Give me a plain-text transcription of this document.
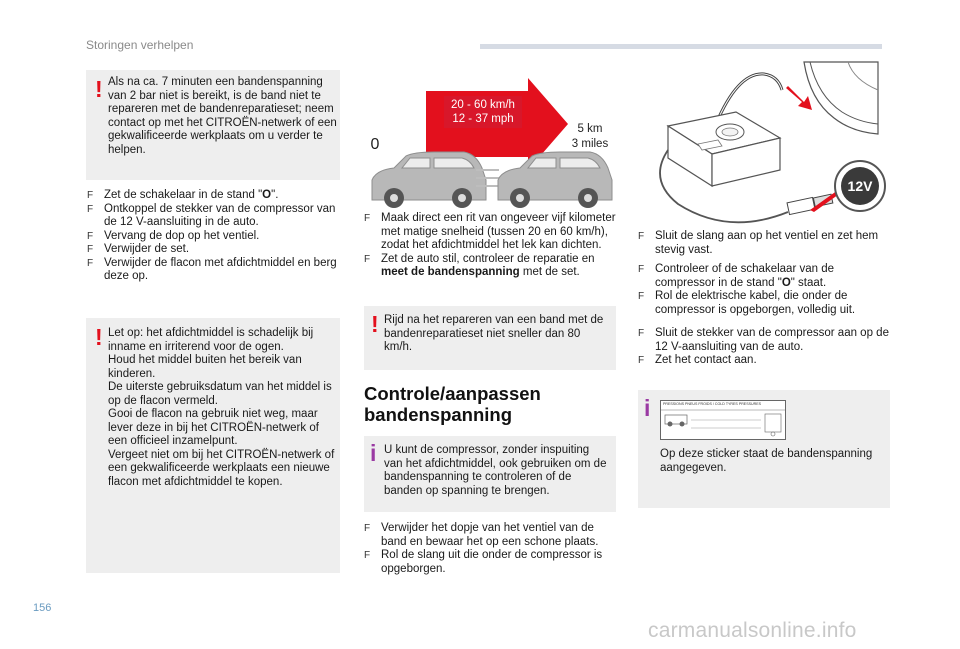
Storingen verhelpen
! Als na ca. 7 minuten een bandenspanning van 2 bar niet is bereikt, is de band niet te repareren met de bandenreparatieset; neem contact op met het CITROËN-netwerk of een gekwalificeerde werkplaats om u verder te helpen.
F Zet de schakelaar in de stand "O".
F Ontkoppel de stekker van de compressor van de 12 V-aansluiting in de auto.
F Vervang de dop op het ventiel.
F Verwijder de set.
F Verwijder de flacon met afdichtmiddel en berg deze op.
! Let op: het afdichtmiddel is schadelijk bij inname en irriterend voor de ogen.
Houd het middel buiten het bereik van kinderen.
De uiterste gebruiksdatum van het middel is op de flacon vermeld.
Gooi de flacon na gebruik niet weg, maar lever deze in bij het CITROËN-netwerk of een officieel inzamelpunt.
Vergeet niet om bij het CITROËN-netwerk of een gekwalificeerde werkplaats een nieuwe flacon met afdichtmiddel te kopen.
20 - 60 km/h
12 - 37 mph
0
5 km
3 miles
F Maak direct een rit van ongeveer vijf kilometer met matige snelheid (tussen 20 en 60 km/h), zodat het afdichtmiddel het lek kan dichten.
F Zet de auto stil, controleer de reparatie en meet de bandenspanning met de set.
! Rijd na het repareren van een band met de bandenreparatieset niet sneller dan 80 km/h.
Controle/aanpassen
bandenspanning
i U kunt de compressor, zonder inspuiting van het afdichtmiddel, ook gebruiken om de bandenspanning te controleren of de banden op spanning te brengen.
F Verwijder het dopje van het ventiel van de band en bewaar het op een schone plaats.
F Rol de slang uit die onder de compressor is opgeborgen.
12V
F Sluit de slang aan op het ventiel en zet hem stevig vast.
F Controleer of de schakelaar van de compressor in de stand "O" staat.
F Rol de elektrische kabel, die onder de compressor is opgeborgen, volledig uit.
F Sluit de stekker van de compressor aan op de 12 V-aansluiting van de auto.
F Zet het contact aan.
i	PRESSIONS PNEUS FROIDS / COLD TYRES PRESSURES
Op deze sticker staat de bandenspanning aangegeven.
156
carmanualsonline.info
